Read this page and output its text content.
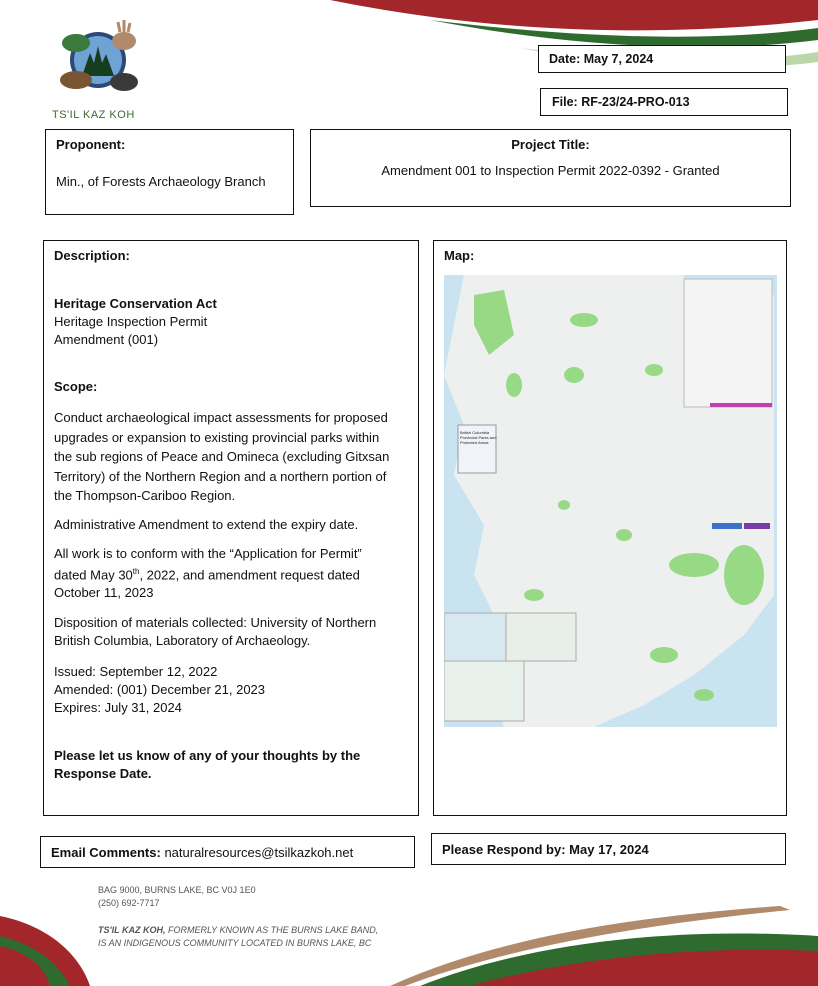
TS'IL KAZ KOH
Date: May 7, 2024
File: RF-23/24-PRO-013
Proponent:
Min., of Forests Archaeology Branch
Project Title:
Amendment 001 to Inspection Permit 2022-0392 - Granted
Description:
Heritage Conservation Act
Heritage Inspection Permit
Amendment (001)
Scope:
Conduct archaeological impact assessments for proposed
upgrades or expansion to existing provincial parks within
the sub regions of Peace and Omineca (excluding Gitxsan
Territory) of the Northern Region and a northern portion of
the Thompson-Cariboo Region.
Administrative Amendment to extend the expiry date.
All work is to conform with the “Application for Permit”
dated May 30th, 2022, and amendment request dated
October 11, 2023
Disposition of materials collected: University of Northern
British Columbia, Laboratory of Archaeology.
Issued: September 12, 2022
Amended: (001) December 21, 2023
Expires: July 31, 2024
Please let us know of any of your thoughts by the
Response Date.
Map:
British Columbia
Provincial Parks and
Protected Areas
Email Comments: naturalresources@tsilkazkoh.net	Please Respond by: May 17, 2024
BAG 9000, BURNS LAKE, BC V0J 1E0
(250) 692-7717
TS'IL KAZ KOH, FORMERLY KNOWN AS THE BURNS LAKE BAND,
IS AN INDIGENOUS COMMUNITY LOCATED IN BURNS LAKE, BC
